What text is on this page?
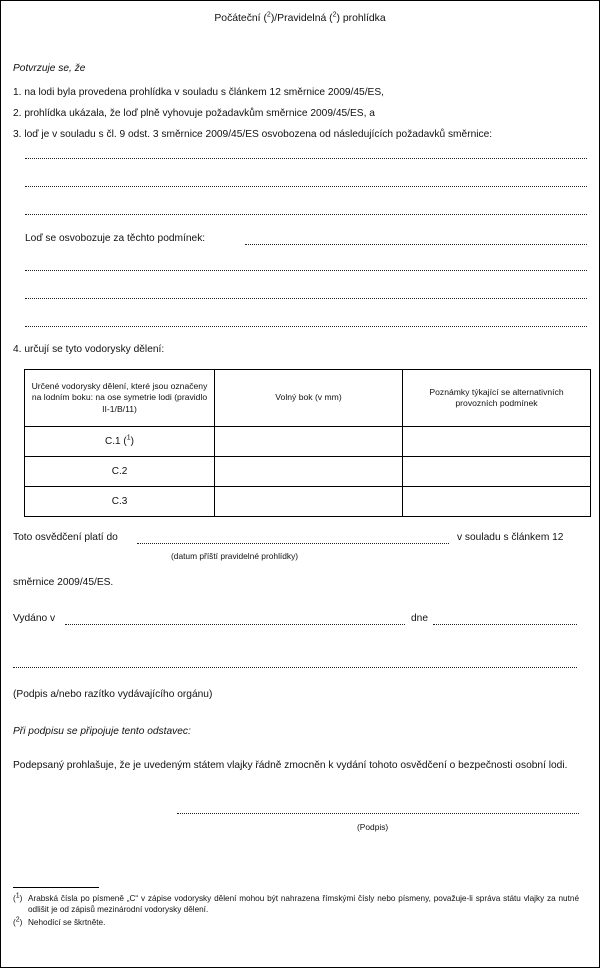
Počáteční ($^2$)/Pravidelná ($^2$) prohlídka
Potvrzuje se, že
1. na lodi byla provedena prohlídka v souladu s článkem 12 směrnice 2009/45/ES,
2. prohlídka ukázala, že loď plně vyhovuje požadavkům směrnice 2009/45/ES, a
3. loď je v souladu s čl. 9 odst. 3 směrnice 2009/45/ES osvobozena od následujících požadavků směrnice:
Loď se osvobozuje za těchto podmínek:
4. určují se tyto vodorysky dělení:
Určené vodorysky dělení, které jsou označeny na lodním boku: na ose symetrie lodi (pravidlo II-1/B/11)	Volný bok (v mm)	Poznámky týkající se alternativních provozních podmínek
C.1 ($^1$)		
C.2		
C.3		
Toto osvědčení platí do	v souladu s článkem 12
(datum příští pravidelné prohlídky)
směrnice 2009/45/ES.
Vydáno v	dne
(Podpis a/nebo razítko vydávajícího orgánu)
Při podpisu se připojuje tento odstavec:
Podepsaný prohlašuje, že je uvedeným státem vlajky řádně zmocněn k vydání tohoto osvědčení o bezpečnosti osobní lodi.
(Podpis)
(1) Arabská čísla po písmeně „C“ v zápise vodorysky dělení mohou být nahrazena římskými čísly nebo písmeny, považuje-li správa státu vlajky za nutné odlišit je od zápisů mezinárodní vodorysky dělení.
(2) Nehodící se škrtněte.
